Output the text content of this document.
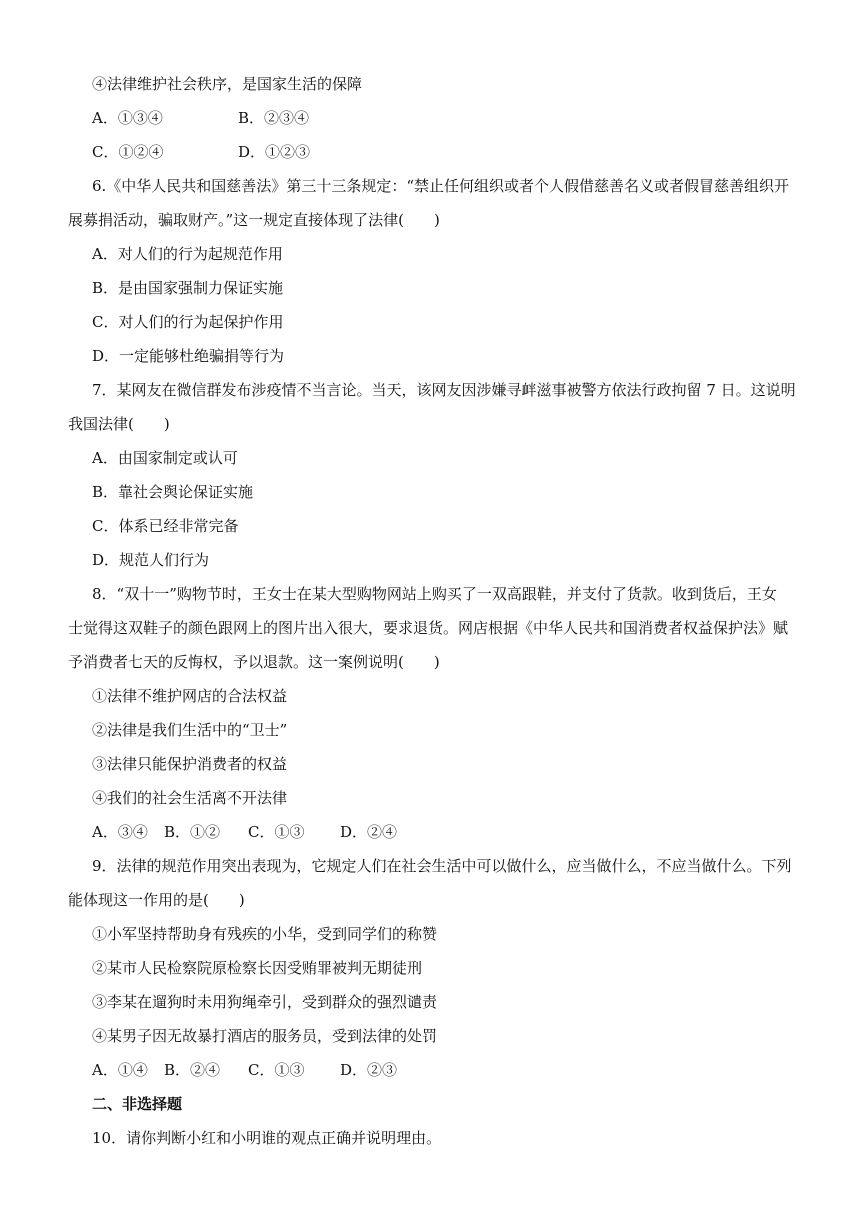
④法律维护社会秩序，是国家生活的保障
A．①③④	B．②③④
C．①②④	D．①②③
6.《中华人民共和国慈善法》第三十三条规定：“禁止任何组织或者个人假借慈善名义或者假冒慈善组织开
展募捐活动，骗取财产。”这一规定直接体现了法律(　　)
A．对人们的行为起规范作用
B．是由国家强制力保证实施
C．对人们的行为起保护作用
D．一定能够杜绝骗捐等行为
7．某网友在微信群发布涉疫情不当言论。当天，该网友因涉嫌寻衅滋事被警方依法行政拘留 7 日。这说明
我国法律(　　)
A．由国家制定或认可
B．靠社会舆论保证实施
C．体系已经非常完备
D．规范人们行为
8．“双十一”购物节时，王女士在某大型购物网站上购买了一双高跟鞋，并支付了货款。收到货后，王女
士觉得这双鞋子的颜色跟网上的图片出入很大，要求退货。网店根据《中华人民共和国消费者权益保护法》赋
予消费者七天的反悔权，予以退款。这一案例说明(　　)
①法律不维护网店的合法权益
②法律是我们生活中的“卫士”
③法律只能保护消费者的权益
④我们的社会生活离不开法律
A．③④ B．①② C．①③ D．②④
9．法律的规范作用突出表现为，它规定人们在社会生活中可以做什么，应当做什么，不应当做什么。下列
能体现这一作用的是(　　)
①小军坚持帮助身有残疾的小华，受到同学们的称赞
②某市人民检察院原检察长因受贿罪被判无期徒刑
③李某在遛狗时未用狗绳牵引，受到群众的强烈谴责
④某男子因无故暴打酒店的服务员，受到法律的处罚
A．①④ B．②④ C．①③ D．②③
二、非选择题
10．请你判断小红和小明谁的观点正确并说明理由。
